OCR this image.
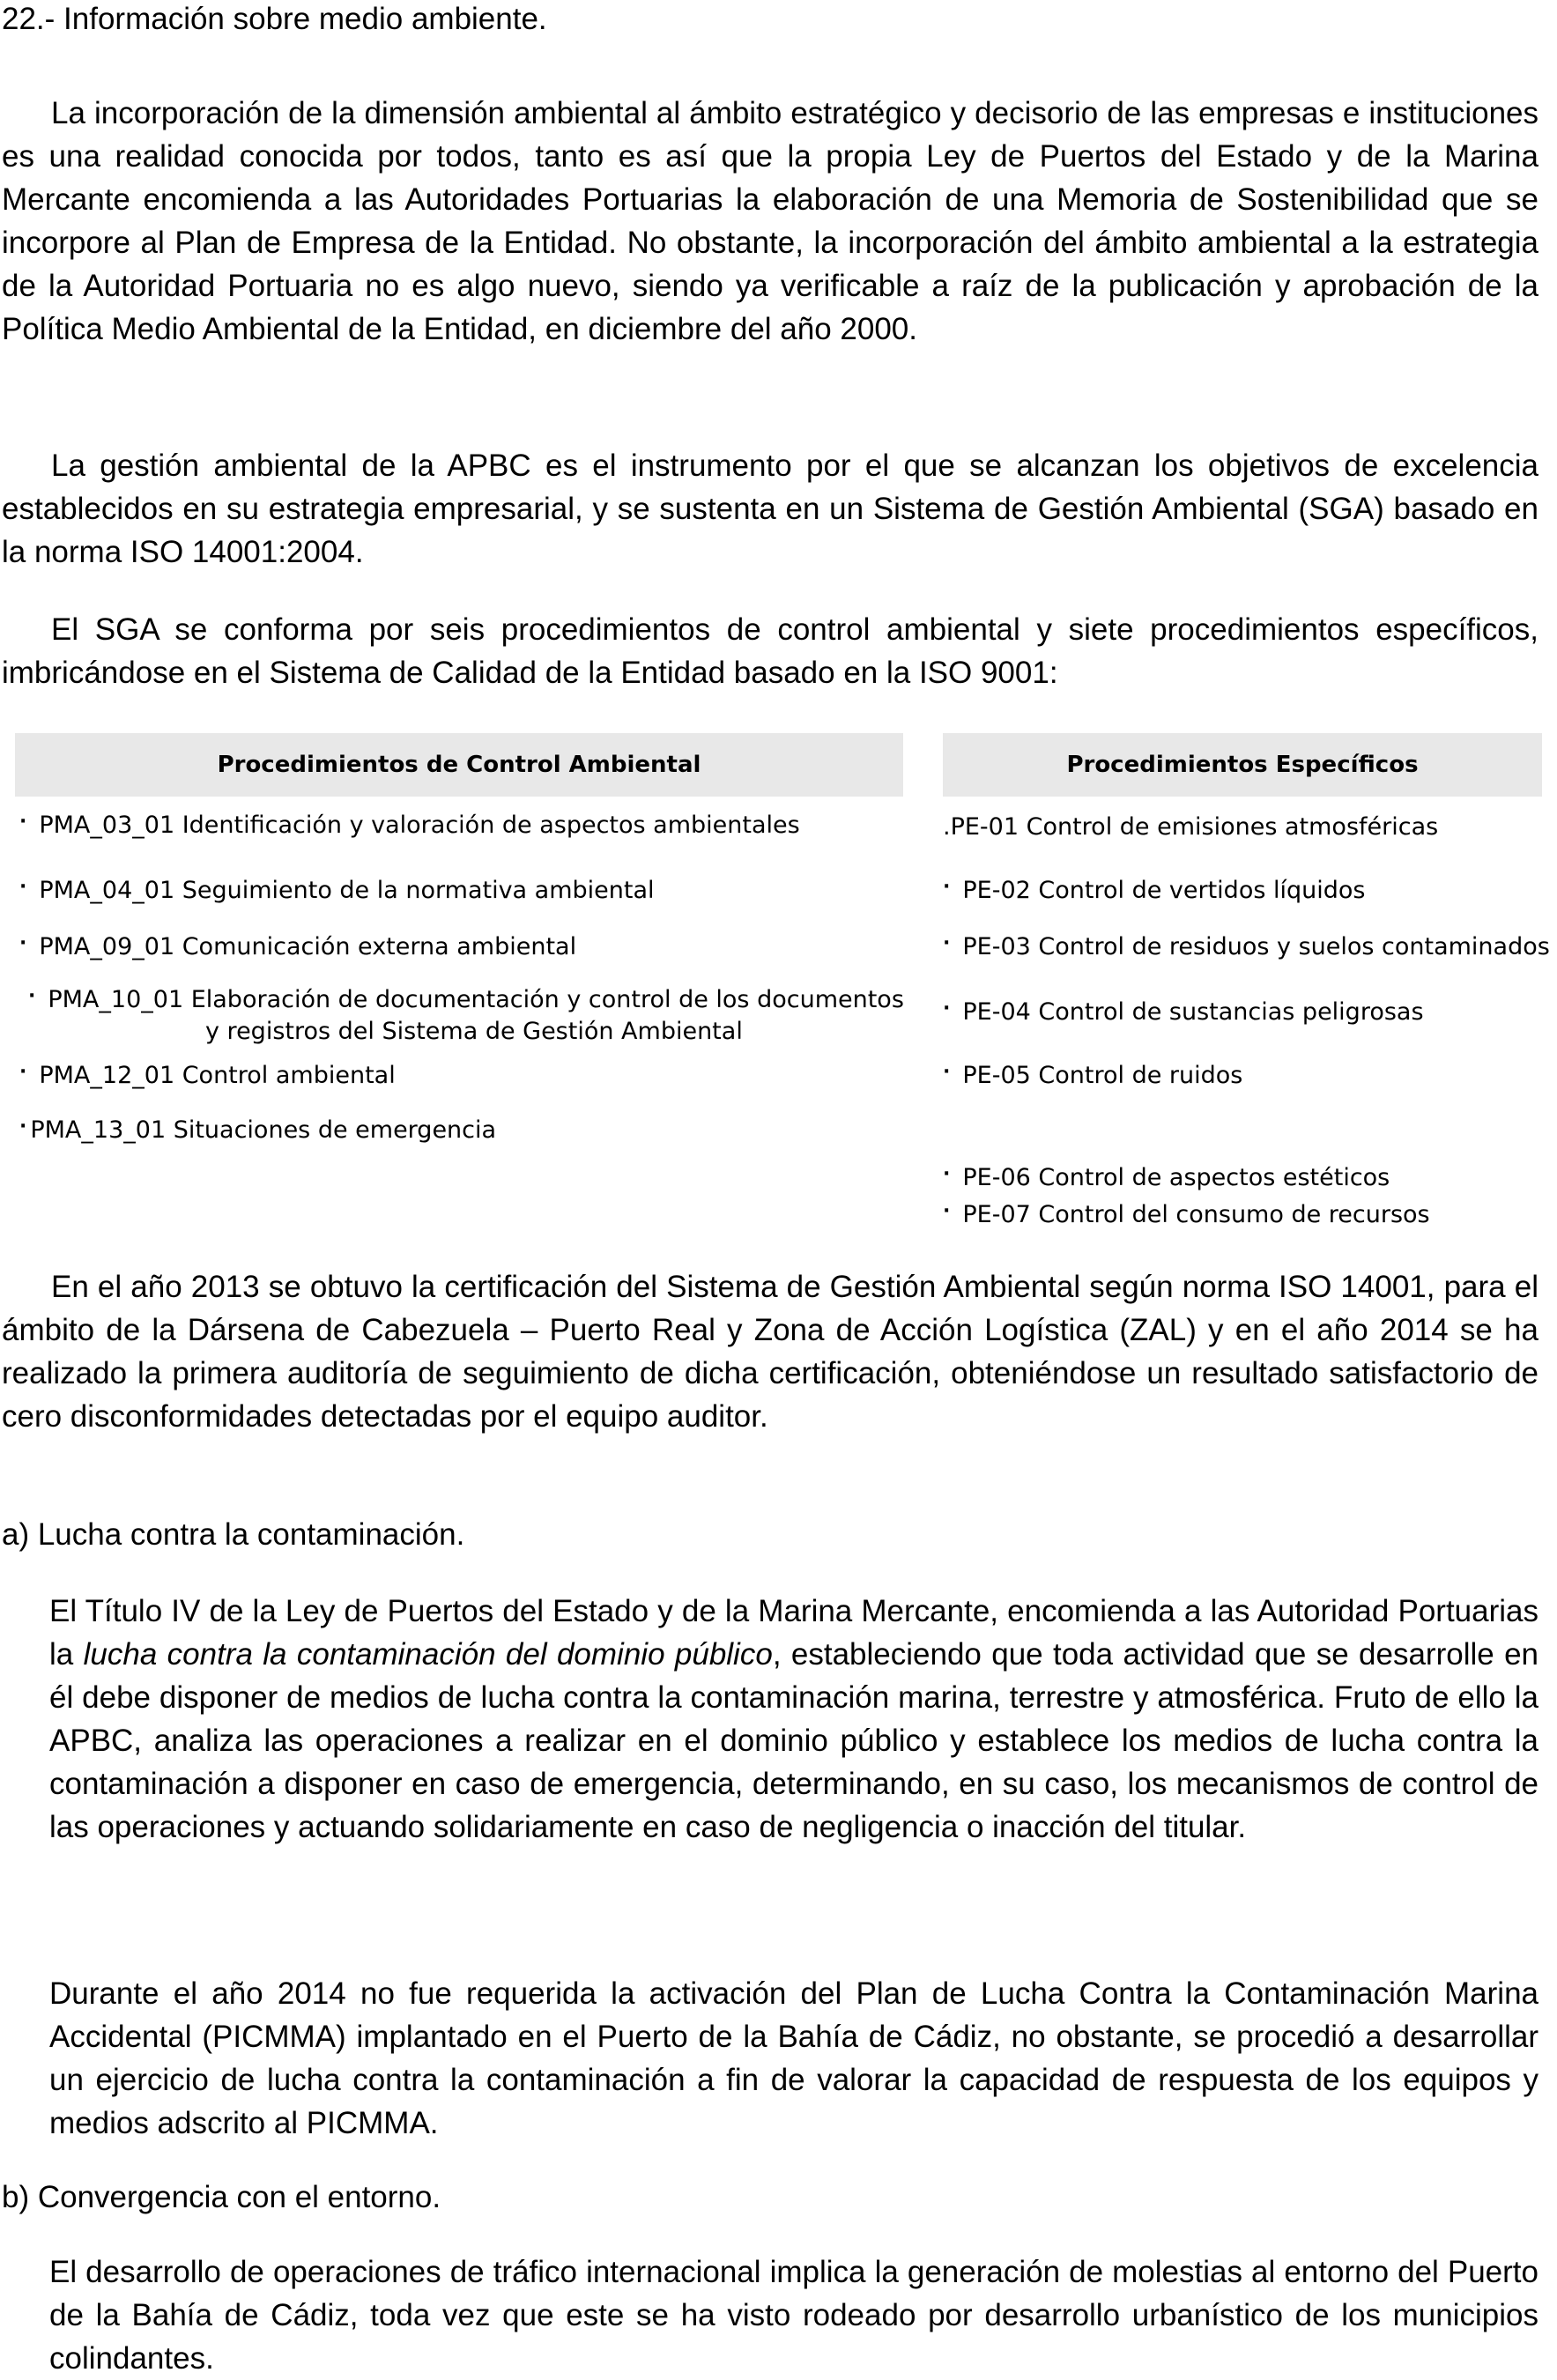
22.- Información sobre medio ambiente.

La incorporación de la dimensión ambiental al ámbito estratégico y decisorio de las empresas e instituciones es una realidad conocida por todos, tanto es así que la propia Ley de Puertos del Estado y de la Marina Mercante encomienda a las Autoridades Portuarias la elaboración de una Memoria de Sostenibilidad que se incorpore al Plan de Empresa de la Entidad. No obstante, la incorporación del ámbito ambiental a la estrategia de la Autoridad Portuaria no es algo nuevo, siendo ya verificable a raíz de la publicación y aprobación de la Política Medio Ambiental de la Entidad, en diciembre del año 2000.

La gestión ambiental de la APBC es el instrumento por el que se alcanzan los objetivos de excelencia establecidos en su estrategia empresarial, y se sustenta en un Sistema de Gestión Ambiental (SGA) basado en la norma ISO 14001:2004.

El SGA se conforma por seis procedimientos de control ambiental y siete procedimientos específicos, imbricándose en el Sistema de Calidad de la Entidad basado en la ISO 9001:

Procedimientos de Control Ambiental	Procedimientos Específicos
· PMA_03_01 Identificación y valoración de aspectos ambientales
· PMA_04_01 Seguimiento de la normativa ambiental
· PMA_09_01 Comunicación externa ambiental
· PMA_10_01 Elaboración de documentación y control de los documentos
y registros del Sistema de Gestión Ambiental
· PMA_12_01 Control ambiental
· PMA_13_01 Situaciones de emergencia
.PE-01 Control de emisiones atmosféricas
· PE-02 Control de vertidos líquidos
· PE-03 Control de residuos y suelos contaminados
· PE-04 Control de sustancias peligrosas
· PE-05 Control de ruidos
· PE-06 Control de aspectos estéticos
· PE-07 Control del consumo de recursos

En el año 2013 se obtuvo la certificación del Sistema de Gestión Ambiental según norma ISO 14001, para el ámbito de la Dársena de Cabezuela – Puerto Real y Zona de Acción Logística (ZAL) y en el año 2014 se ha realizado la primera auditoría de seguimiento de dicha certificación, obteniéndose un resultado satisfactorio de cero disconformidades detectadas por el equipo auditor.

a) Lucha contra la contaminación.

El Título IV de la Ley de Puertos del Estado y de la Marina Mercante, encomienda a las Autoridad Portuarias la lucha contra la contaminación del dominio público, estableciendo que toda actividad que se desarrolle en él debe disponer de medios de lucha contra la contaminación marina, terrestre y atmosférica. Fruto de ello la APBC, analiza las operaciones a realizar en el dominio público y establece los medios de lucha contra la contaminación a disponer en caso de emergencia, determinando, en su caso, los mecanismos de control de las operaciones y actuando solidariamente en caso de negligencia o inacción del titular.

Durante el año 2014 no fue requerida la activación del Plan de Lucha Contra la Contaminación Marina Accidental (PICMMA) implantado en el Puerto de la Bahía de Cádiz, no obstante, se procedió a desarrollar un ejercicio de lucha contra la contaminación a fin de valorar la capacidad de respuesta de los equipos y medios adscrito al PICMMA.

b) Convergencia con el entorno.

El desarrollo de operaciones de tráfico internacional implica la generación de molestias al entorno del Puerto de la Bahía de Cádiz, toda vez que este se ha visto rodeado por desarrollo urbanístico de los municipios colindantes.
